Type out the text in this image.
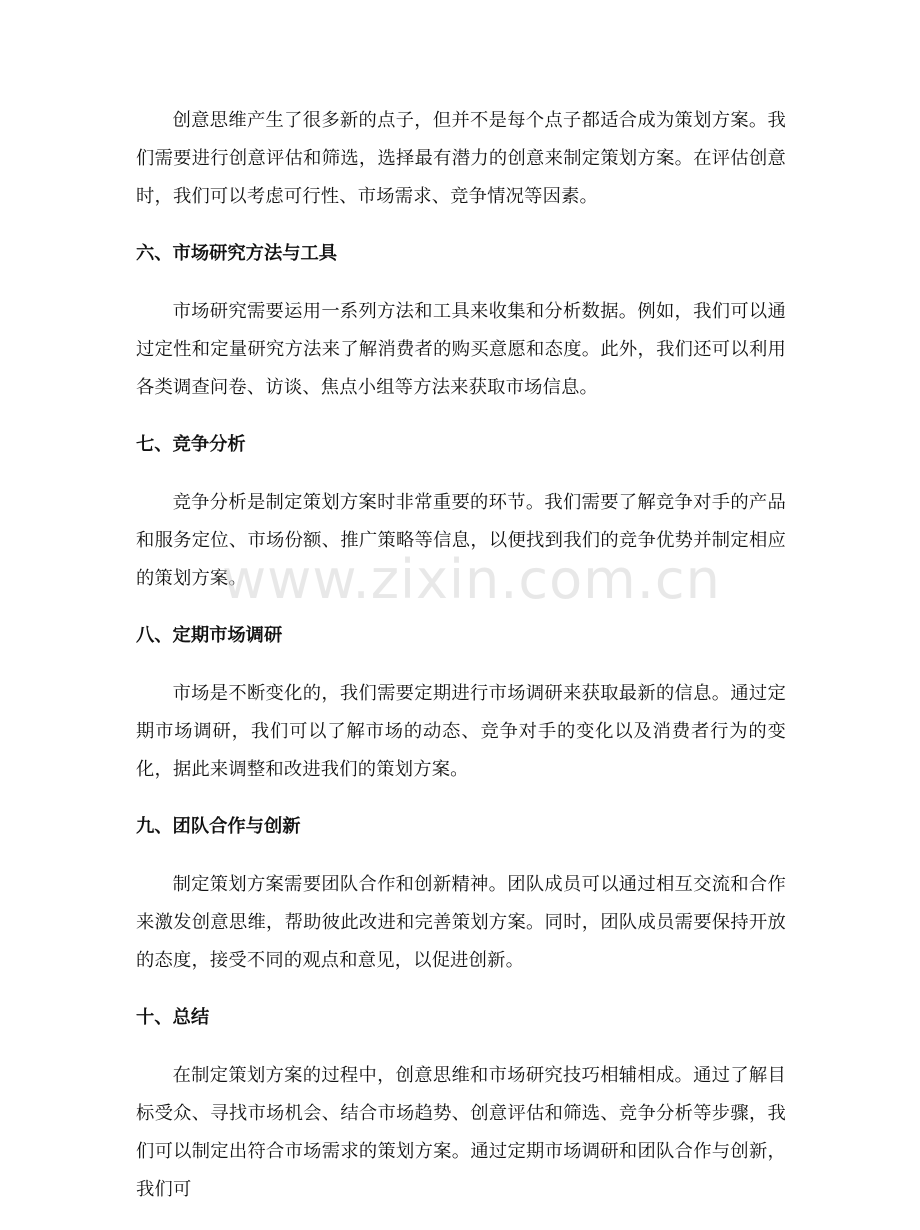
创意思维产生了很多新的点子，但并不是每个点子都适合成为策划方案。我们需要进行创意评估和筛选，选择最有潜力的创意来制定策划方案。在评估创意时，我们可以考虑可行性、市场需求、竞争情况等因素。

六、市场研究方法与工具

市场研究需要运用一系列方法和工具来收集和分析数据。例如，我们可以通过定性和定量研究方法来了解消费者的购买意愿和态度。此外，我们还可以利用各类调查问卷、访谈、焦点小组等方法来获取市场信息。

七、竞争分析

竞争分析是制定策划方案时非常重要的环节。我们需要了解竞争对手的产品和服务定位、市场份额、推广策略等信息，以便找到我们的竞争优势并制定相应的策划方案。

八、定期市场调研

市场是不断变化的，我们需要定期进行市场调研来获取最新的信息。通过定期市场调研，我们可以了解市场的动态、竞争对手的变化以及消费者行为的变化，据此来调整和改进我们的策划方案。

九、团队合作与创新

制定策划方案需要团队合作和创新精神。团队成员可以通过相互交流和合作来激发创意思维，帮助彼此改进和完善策划方案。同时，团队成员需要保持开放的态度，接受不同的观点和意见，以促进创新。

十、总结

在制定策划方案的过程中，创意思维和市场研究技巧相辅相成。通过了解目标受众、寻找市场机会、结合市场趋势、创意评估和筛选、竞争分析等步骤，我们可以制定出符合市场需求的策划方案。通过定期市场调研和团队合作与创新，我们可

www.zixin.com.cn
